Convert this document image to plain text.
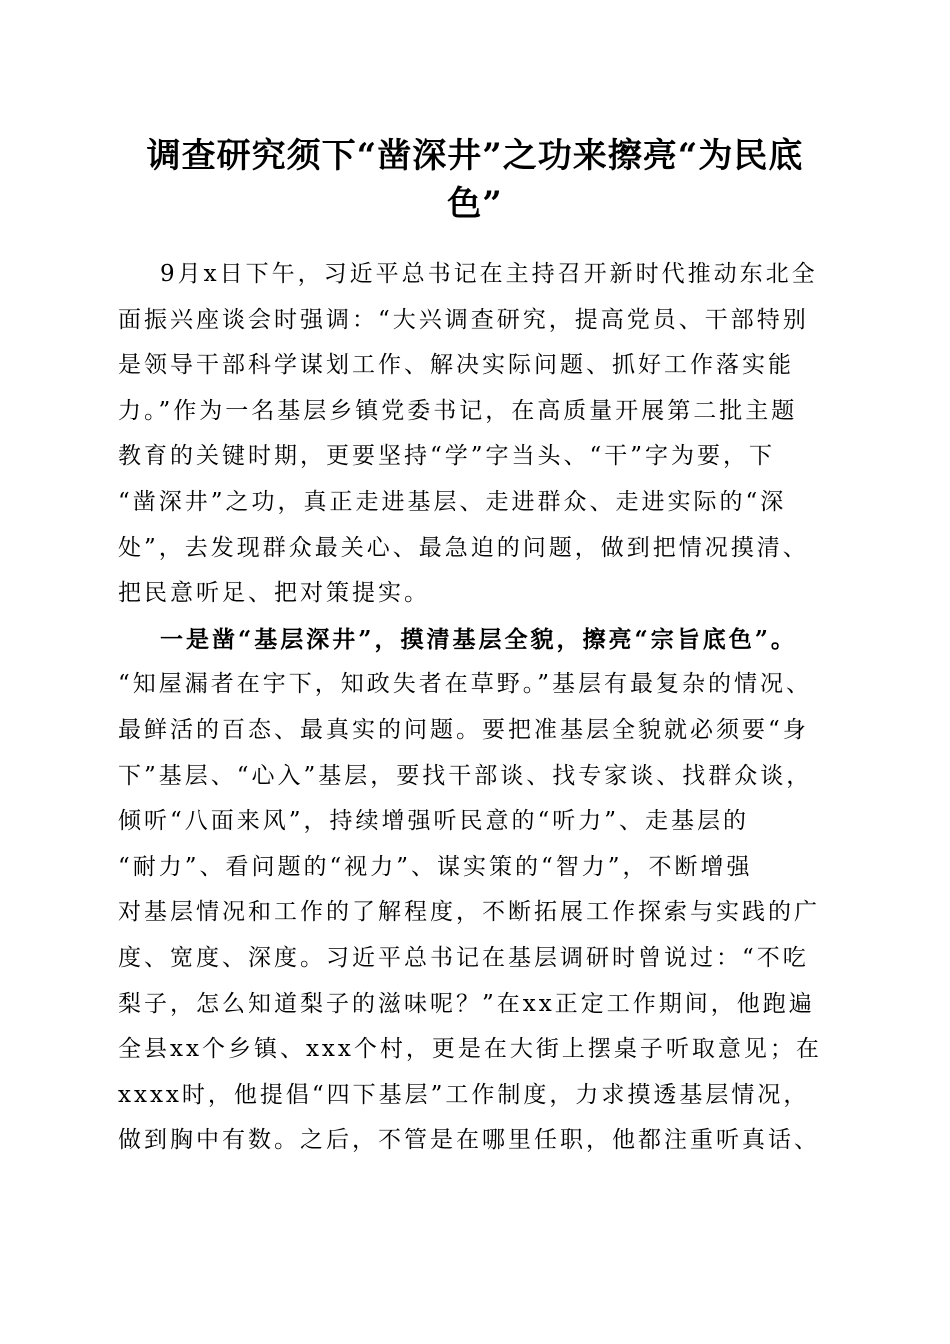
调查研究须下“凿深井”之功来擦亮“为民底
色”
9月x日下午，习近平总书记在主持召开新时代推动东北全
面振兴座谈会时强调：“大兴调查研究，提高党员、干部特别
是领导干部科学谋划工作、解决实际问题、抓好工作落实能
力。”作为一名基层乡镇党委书记，在高质量开展第二批主题
教育的关键时期，更要坚持“学”字当头、“干”字为要，下
“凿深井”之功，真正走进基层、走进群众、走进实际的“深
处”，去发现群众最关心、最急迫的问题，做到把情况摸清、
把民意听足、把对策提实。
一是凿“基层深井”，摸清基层全貌，擦亮“宗旨底色”。
“知屋漏者在宇下，知政失者在草野。”基层有最复杂的情况、
最鲜活的百态、最真实的问题。要把准基层全貌就必须要“身
下”基层、“心入”基层，要找干部谈、找专家谈、找群众谈，
倾听“八面来风”，持续增强听民意的“听力”、走基层的
“耐力”、看问题的“视力”、谋实策的“智力”，不断增强
对基层情况和工作的了解程度，不断拓展工作探索与实践的广
度、宽度、深度。习近平总书记在基层调研时曾说过：“不吃
梨子，怎么知道梨子的滋味呢？”在xx正定工作期间，他跑遍
全县xx个乡镇、xxx个村，更是在大街上摆桌子听取意见；在
xxxx时，他提倡“四下基层”工作制度，力求摸透基层情况，
做到胸中有数。之后，不管是在哪里任职，他都注重听真话、
